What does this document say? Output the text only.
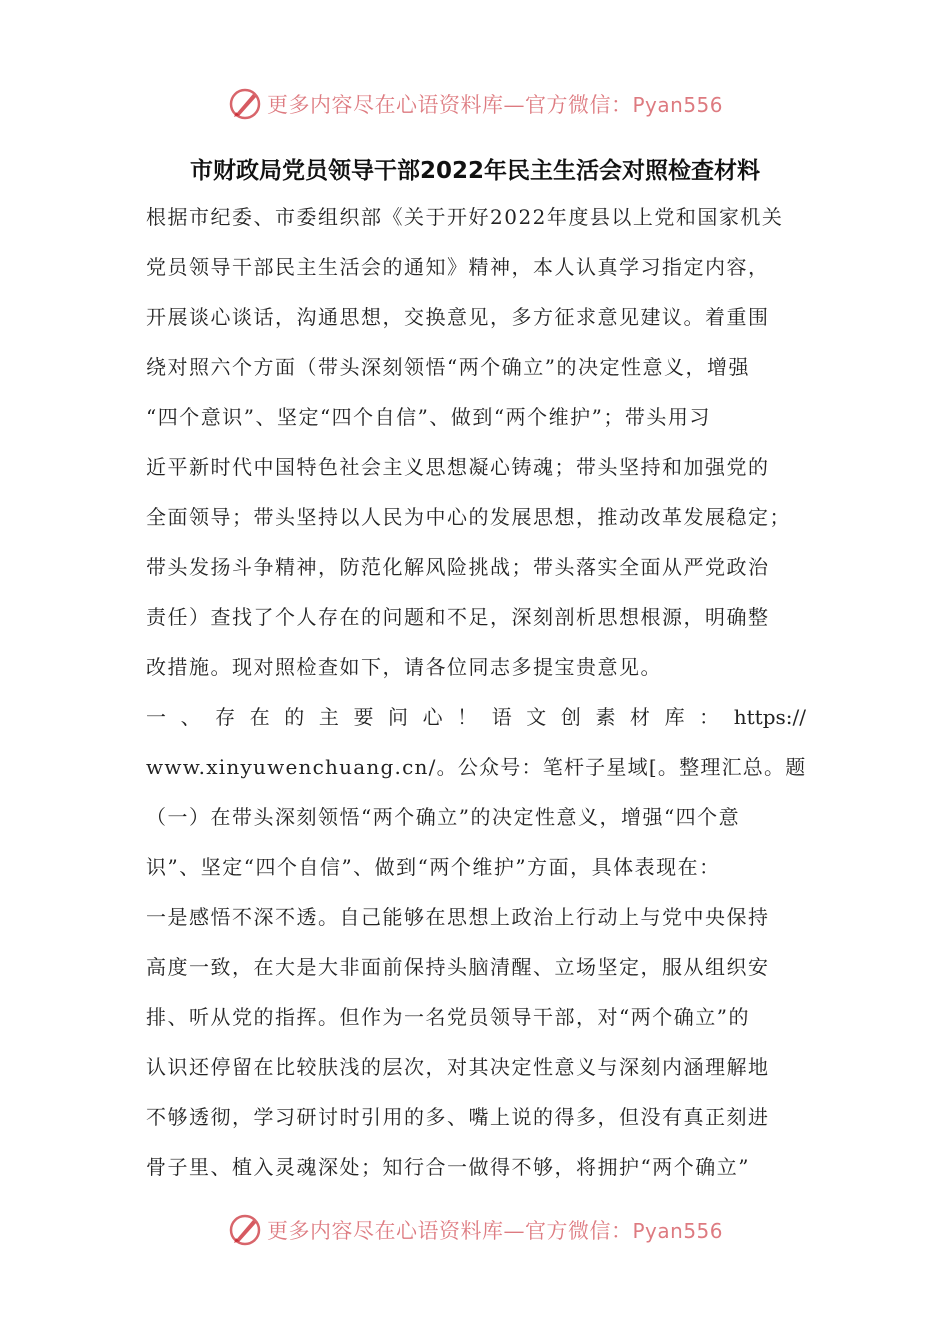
更多内容尽在心语资料库—官方微信：Pyan556
市财政局党员领导干部2022年民主生活会对照检查材料
根据市纪委、市委组织部《关于开好2022年度县以上党和国家机关
党员领导干部民主生活会的通知》精神，本人认真学习指定内容，
开展谈心谈话，沟通思想，交换意见，多方征求意见建议。着重围
绕对照六个方面（带头深刻领悟“两个确立”的决定性意义，增强
“四个意识”、坚定“四个自信”、做到“两个维护”；带头用习
近平新时代中国特色社会主义思想凝心铸魂；带头坚持和加强党的
全面领导；带头坚持以人民为中心的发展思想，推动改革发展稳定；
带头发扬斗争精神，防范化解风险挑战；带头落实全面从严党政治
责任）查找了个人存在的问题和不足，深刻剖析思想根源，明确整
改措施。现对照检查如下，请各位同志多提宝贵意见。
一、存在的主要问心！语文创素材库：https://
www.xinyuwenchuang.cn/。公众号：笔杆子星域[。整理汇总。题
（一）在带头深刻领悟“两个确立”的决定性意义，增强“四个意
识”、坚定“四个自信”、做到“两个维护”方面，具体表现在：
一是感悟不深不透。自己能够在思想上政治上行动上与党中央保持
高度一致，在大是大非面前保持头脑清醒、立场坚定，服从组织安
排、听从党的指挥。但作为一名党员领导干部，对“两个确立”的
认识还停留在比较肤浅的层次，对其决定性意义与深刻内涵理解地
不够透彻，学习研讨时引用的多、嘴上说的得多，但没有真正刻进
骨子里、植入灵魂深处；知行合一做得不够，将拥护“两个确立”
更多内容尽在心语资料库—官方微信：Pyan556
